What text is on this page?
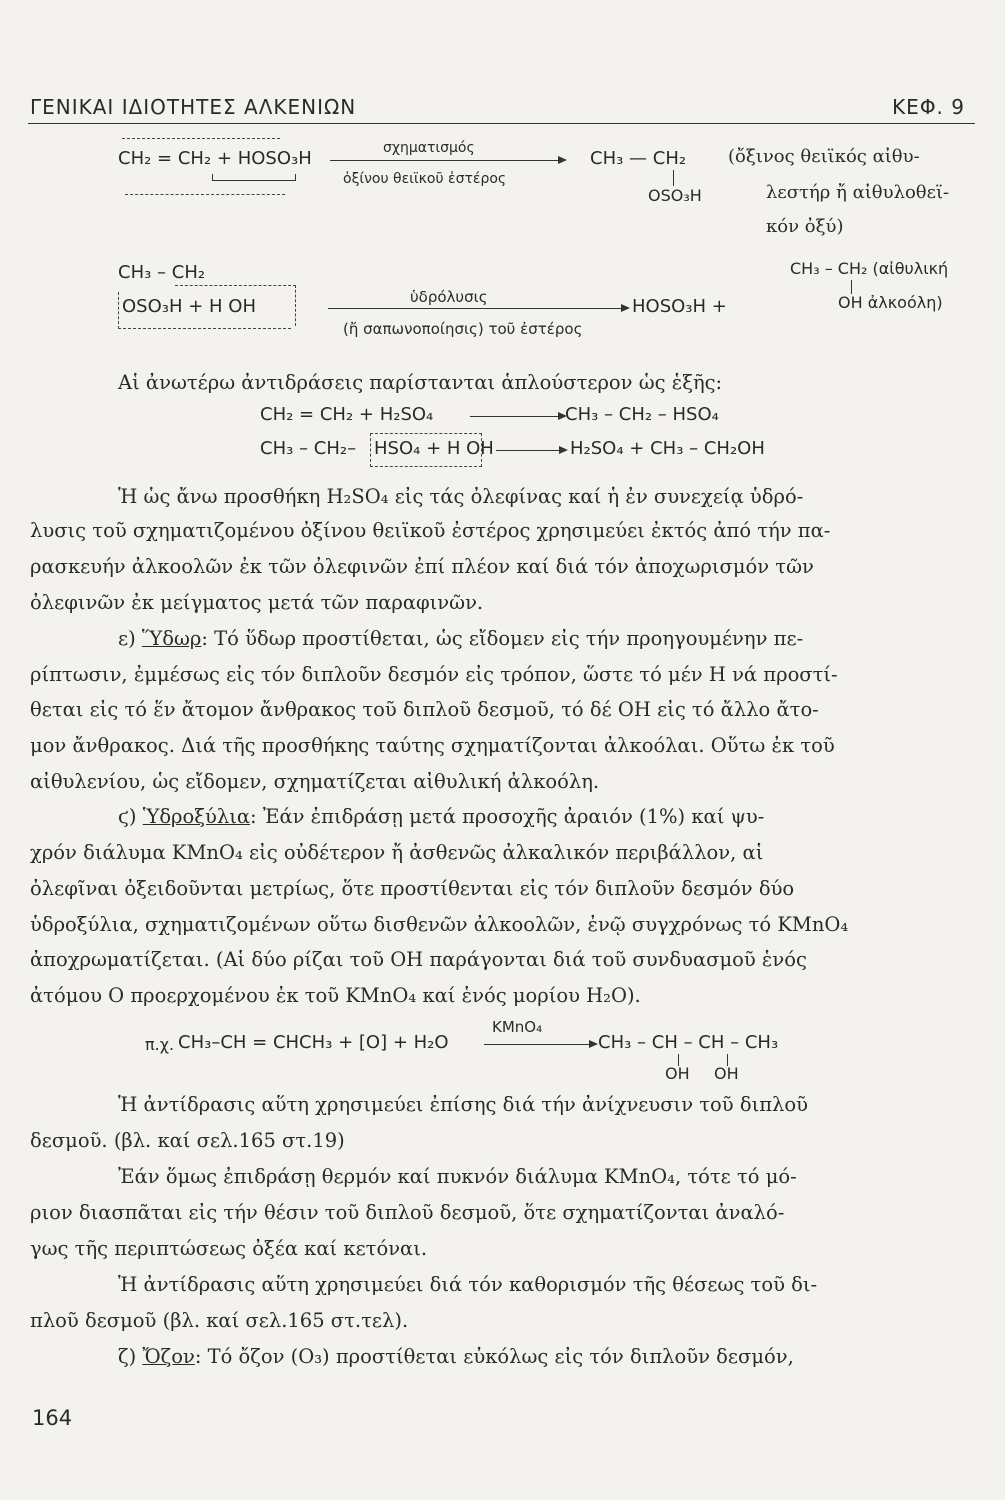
ΓΕΝΙΚΑΙ ΙΔΙΟΤΗΤΕΣ ΑΛΚΕΝΙΩΝ	ΚΕΦ. 9
CH₂ = CH₂ + HOSO₃H	σχηματισμός
ὀξίνου θειϊκοῦ ἐστέρος
CH₃ — CH₂
OSO₃H
(ὄξινος θειϊκός αἰθυ-
λεστήρ ἤ αἰθυλοθεϊ-
κόν ὀξύ)
CH₃ – CH₂
OSO₃H + H OH	ὑδρόλυσις
(ἤ σαπωνοποίησις) τοῦ ἐστέρος
HOSO₃H +
CH₃ – CH₂ (αἰθυλική
OH ἀλκοόλη)
Αἱ ἀνωτέρω ἀντιδράσεις παρίστανται ἁπλούστερον ὡς ἑξῆς:
CH₂ = CH₂ + H₂SO₄	CH₃ – CH₂ – HSO₄
CH₃ – CH₂– HSO₄ + H OH	H₂SO₄ + CH₃ – CH₂OH
Ἡ ὡς ἄνω προσθήκη H₂SO₄ εἰς τάς ὀλεφίνας καί ἡ ἐν συνεχείᾳ ὑδρό-
λυσις τοῦ σχηματιζομένου ὀξίνου θειϊκοῦ ἐστέρος χρησιμεύει ἐκτός ἀπό τήν πα-
ρασκευήν ἀλκοολῶν ἐκ τῶν ὀλεφινῶν ἐπί πλέον καί διά τόν ἀποχωρισμόν τῶν
ὀλεφινῶν ἐκ μείγματος μετά τῶν παραφινῶν.
ε) Ὕδωρ: Τό ὕδωρ προστίθεται, ὡς εἴδομεν εἰς τήν προηγουμένην πε-
ρίπτωσιν, ἐμμέσως εἰς τόν διπλοῦν δεσμόν εἰς τρόπον, ὥστε τό μέν H νά προστί-
θεται εἰς τό ἕν ἄτομον ἄνθρακος τοῦ διπλοῦ δεσμοῦ, τό δέ OH εἰς τό ἄλλο ἄτο-
μον ἄνθρακος. Διά τῆς προσθήκης ταύτης σχηματίζονται ἀλκοόλαι. Οὕτω ἐκ τοῦ
αἰθυλενίου, ὡς εἴδομεν, σχηματίζεται αἰθυλική ἀλκοόλη.
ϛ) Ὑδροξύλια: Ἐάν ἐπιδράσῃ μετά προσοχῆς ἀραιόν (1%) καί ψυ-
χρόν διάλυμα KMnO₄ εἰς οὐδέτερον ἤ ἀσθενῶς ἀλκαλικόν περιβάλλον, αἱ
ὀλεφῖναι ὀξειδοῦνται μετρίως, ὅτε προστίθενται εἰς τόν διπλοῦν δεσμόν δύο
ὑδροξύλια, σχηματιζομένων οὕτω δισθενῶν ἀλκοολῶν, ἐνῷ συγχρόνως τό KMnO₄
ἀποχρωματίζεται. (Αἱ δύο ρίζαι τοῦ OH παράγονται διά τοῦ συνδυασμοῦ ἑνός
ἀτόμου O προερχομένου ἐκ τοῦ KMnO₄ καί ἑνός μορίου H₂O).
π.χ. CH₃–CH = CHCH₃ + [O] + H₂O
KMnO₄
CH₃ – CH – CH – CH₃
OH OH
Ἡ ἀντίδρασις αὕτη χρησιμεύει ἐπίσης διά τήν ἀνίχνευσιν τοῦ διπλοῦ
δεσμοῦ. (βλ. καί σελ.165 στ.19)
Ἐάν ὅμως ἐπιδράσῃ θερμόν καί πυκνόν διάλυμα KMnO₄, τότε τό μό-
ριον διασπᾶται εἰς τήν θέσιν τοῦ διπλοῦ δεσμοῦ, ὅτε σχηματίζονται ἀναλό-
γως τῆς περιπτώσεως ὀξέα καί κετόναι.
Ἡ ἀντίδρασις αὕτη χρησιμεύει διά τόν καθορισμόν τῆς θέσεως τοῦ δι-
πλοῦ δεσμοῦ (βλ. καί σελ.165 στ.τελ).
ζ) Ὄζον: Τό ὄζον (O₃) προστίθεται εὐκόλως εἰς τόν διπλοῦν δεσμόν,
164
